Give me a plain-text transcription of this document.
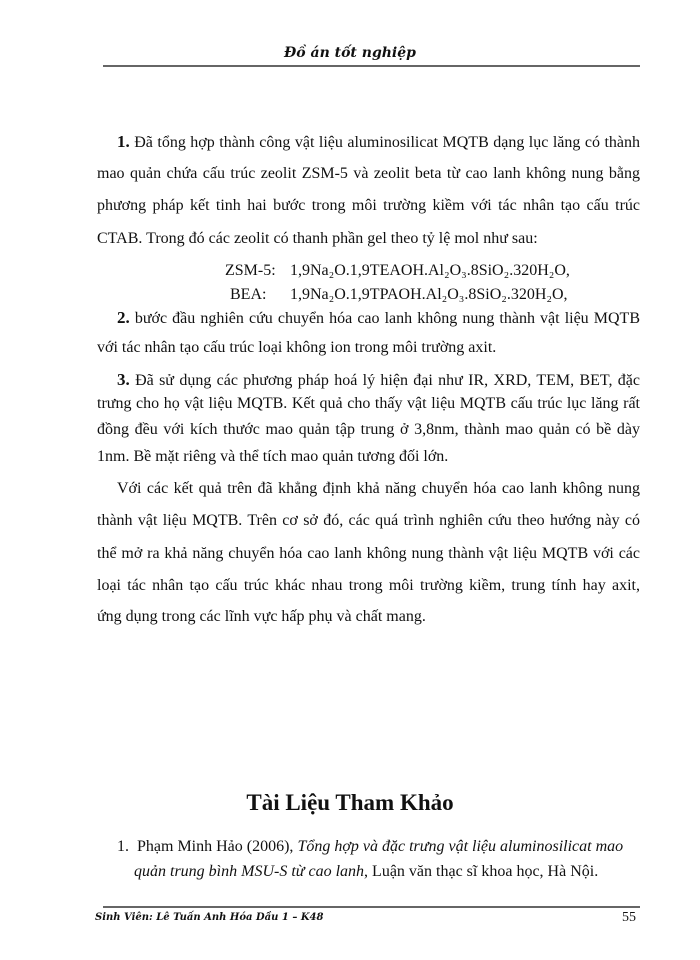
Đồ án tốt nghiệp
1. Đã tổng hợp thành công vật liệu aluminosilicat MQTB dạng lục lăng có thành
mao quản chứa cấu trúc zeolit ZSM-5 và zeolit beta từ cao lanh không nung bằng
phương pháp kết tinh hai bước trong môi trường kiềm với tác nhân tạo cấu trúc
CTAB. Trong đó các zeolit có thanh phần gel theo tỷ lệ mol như sau:
ZSM-5: 1,9Na₂O.1,9TEAOH.Al₂O₃.8SiO₂.320H₂O,
BEA: 1,9Na₂O.1,9TPAOH.Al₂O₃.8SiO₂.320H₂O,
2. bước đầu nghiên cứu chuyển hóa cao lanh không nung thành vật liệu MQTB
với tác nhân tạo cấu trúc loại không ion trong môi trường axit.
3. Đã sử dụng các phương pháp hoá lý hiện đại như IR, XRD, TEM, BET, đặc
trưng cho họ vật liệu MQTB. Kết quả cho thấy vật liệu MQTB cấu trúc lục lăng rất
đồng đều với kích thước mao quản tập trung ở 3,8nm, thành mao quản có bề dày
1nm. Bề mặt riêng và thể tích mao quản tương đối lớn.
Với các kết quả trên đã khẳng định khả năng chuyển hóa cao lanh không nung
thành vật liệu MQTB. Trên cơ sở đó, các quá trình nghiên cứu theo hướng này có
thể mở ra khả năng chuyển hóa cao lanh không nung thành vật liệu MQTB với các
loại tác nhân tạo cấu trúc khác nhau trong môi trường kiềm, trung tính hay axit,
ứng dụng trong các lĩnh vực hấp phụ và chất mang.
Tài Liệu Tham Khảo
1. Phạm Minh Hảo (2006), Tổng hợp và đặc trưng vật liệu aluminosilicat mao
quản trung bình MSU-S từ cao lanh, Luận văn thạc sĩ khoa học, Hà Nội.
Sinh Viên: Lê Tuấn Anh Hóa Dầu 1 – K48	55
